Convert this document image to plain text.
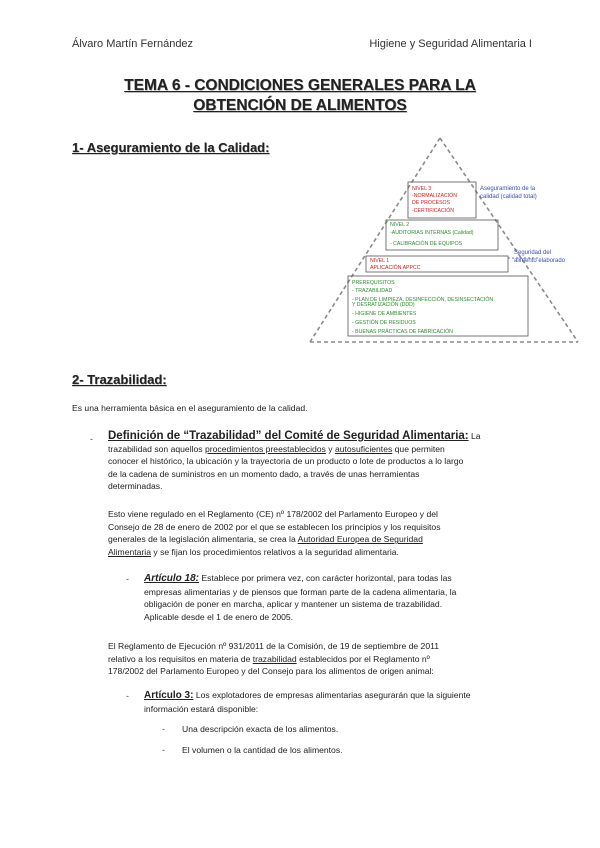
Álvaro Martín Fernández	Higiene y Seguridad Alimentaria I
TEMA 6 - CONDICIONES GENERALES PARA LA
OBTENCIÓN DE ALIMENTOS
1- Aseguramiento de la Calidad:
NIVEL 3
-NORMALIZACIÓN
DE PROCESOS
-CERTIFICACIÓN
NIVEL 2
-AUDITORIAS INTERNAS (Calidad)
- CALIBRACIÓN DE EQUIPOS
NIVEL 1
APLICACIÓN APPCC
PREREQUISITOS
- TRAZABILIDAD
- PLAN DE LIMPIEZA, DESINFECCIÓN, DESINSECTACIÓN
Y DESRATIZACIÓN (DDD)
- HIGIENE DE AMBIENTES
- GESTIÓN DE RESIDUOS
- BUENAS PRÁCTICAS DE FABRICACIÓN
Aseguramiento de la
calidad (calidad total)
Seguridad del
alimento elaborado
2- Trazabilidad:
Es una herramienta básica en el aseguramiento de la calidad.
- Definición de “Trazabilidad” del Comité de Seguridad Alimentaria: La
trazabilidad son aquellos procedimientos preestablecidos y autosuficientes que permiten
conocer el histórico, la ubicación y la trayectoria de un producto o lote de productos a lo largo
de la cadena de suministros en un momento dado, a través de unas herramientas
determinadas.
Esto viene regulado en el Reglamento (CE) nº 178/2002 del Parlamento Europeo y del
Consejo de 28 de enero de 2002 por el que se establecen los principios y los requisitos
generales de la legislación alimentaria, se crea la Autoridad Europea de Seguridad
Alimentaria y se fijan los procedimientos relativos a la seguridad alimentaria.
- Artículo 18: Establece por primera vez, con carácter horizontal, para todas las
empresas alimentarias y de piensos que forman parte de la cadena alimentaria, la
obligación de poner en marcha, aplicar y mantener un sistema de trazabilidad.
Aplicable desde el 1 de enero de 2005.
El Reglamento de Ejecución nº 931/2011 de la Comisión, de 19 de septiembre de 2011
relativo a los requisitos en materia de trazabilidad establecidos por el Reglamento nº
178/2002 del Parlamento Europeo y del Consejo para los alimentos de origen animal:
- Artículo 3: Los explotadores de empresas alimentarias asegurarán que la siguiente
información estará disponible:
- Una descripción exacta de los alimentos.
- El volumen o la cantidad de los alimentos.
